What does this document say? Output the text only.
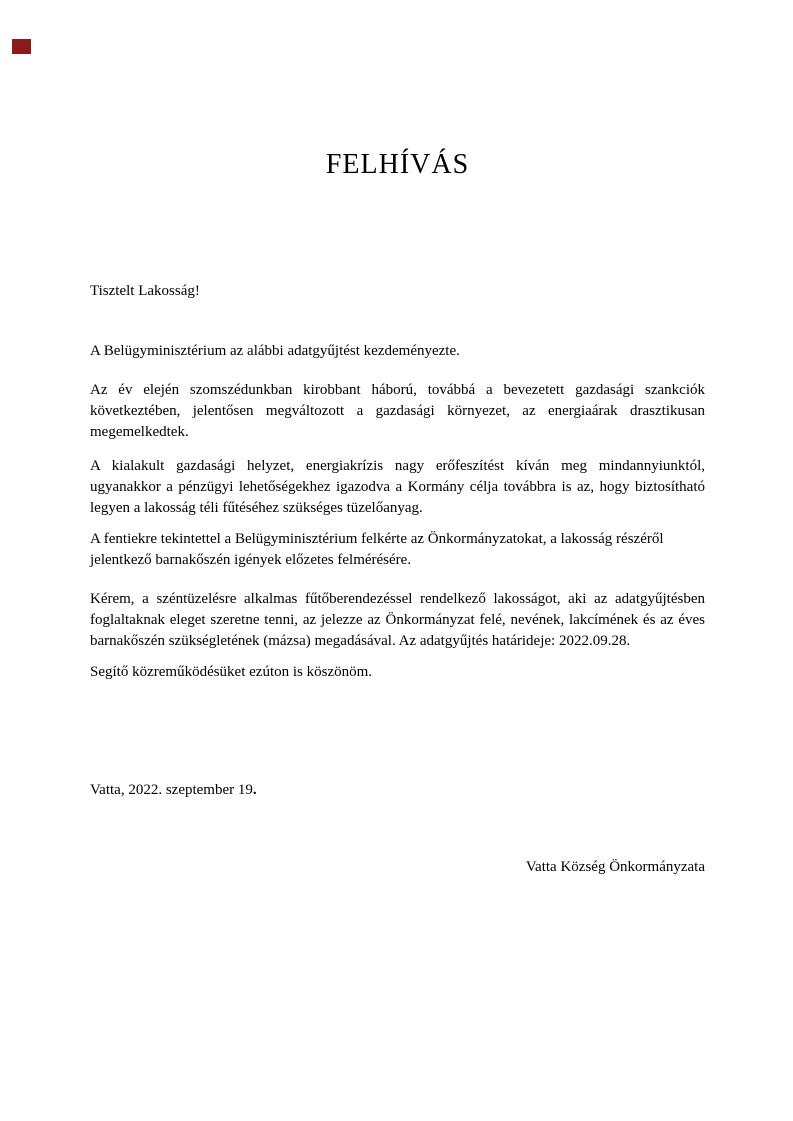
FELHÍVÁS

Tisztelt Lakosság!

A Belügyminisztérium az alábbi adatgyűjtést kezdeményezte.

Az év elején szomszédunkban kirobbant háború, továbbá a bevezetett gazdasági szankciók következtében, jelentősen megváltozott a gazdasági környezet, az energiaárak drasztikusan megemelkedtek.

A kialakult gazdasági helyzet, energiakrízis nagy erőfeszítést kíván meg mindannyiunktól, ugyanakkor a pénzügyi lehetőségekhez igazodva a Kormány célja továbbra is az, hogy biztosítható legyen a lakosság téli fűtéséhez szükséges tüzelőanyag.

A fentiekre tekintettel a Belügyminisztérium felkérte az Önkormányzatokat, a lakosság részéről jelentkező barnakőszén igények előzetes felmérésére.

Kérem, a széntüzelésre alkalmas fűtőberendezéssel rendelkező lakosságot, aki az adatgyűjtésben foglaltaknak eleget szeretne tenni, az jelezze az Önkormányzat felé, nevének, lakcímének és az éves barnakőszén szükségletének (mázsa) megadásával. Az adatgyűjtés határideje: 2022.09.28.

Segítő közreműködésüket ezúton is köszönöm.

Vatta, 2022. szeptember 19.

Vatta Község Önkormányzata
